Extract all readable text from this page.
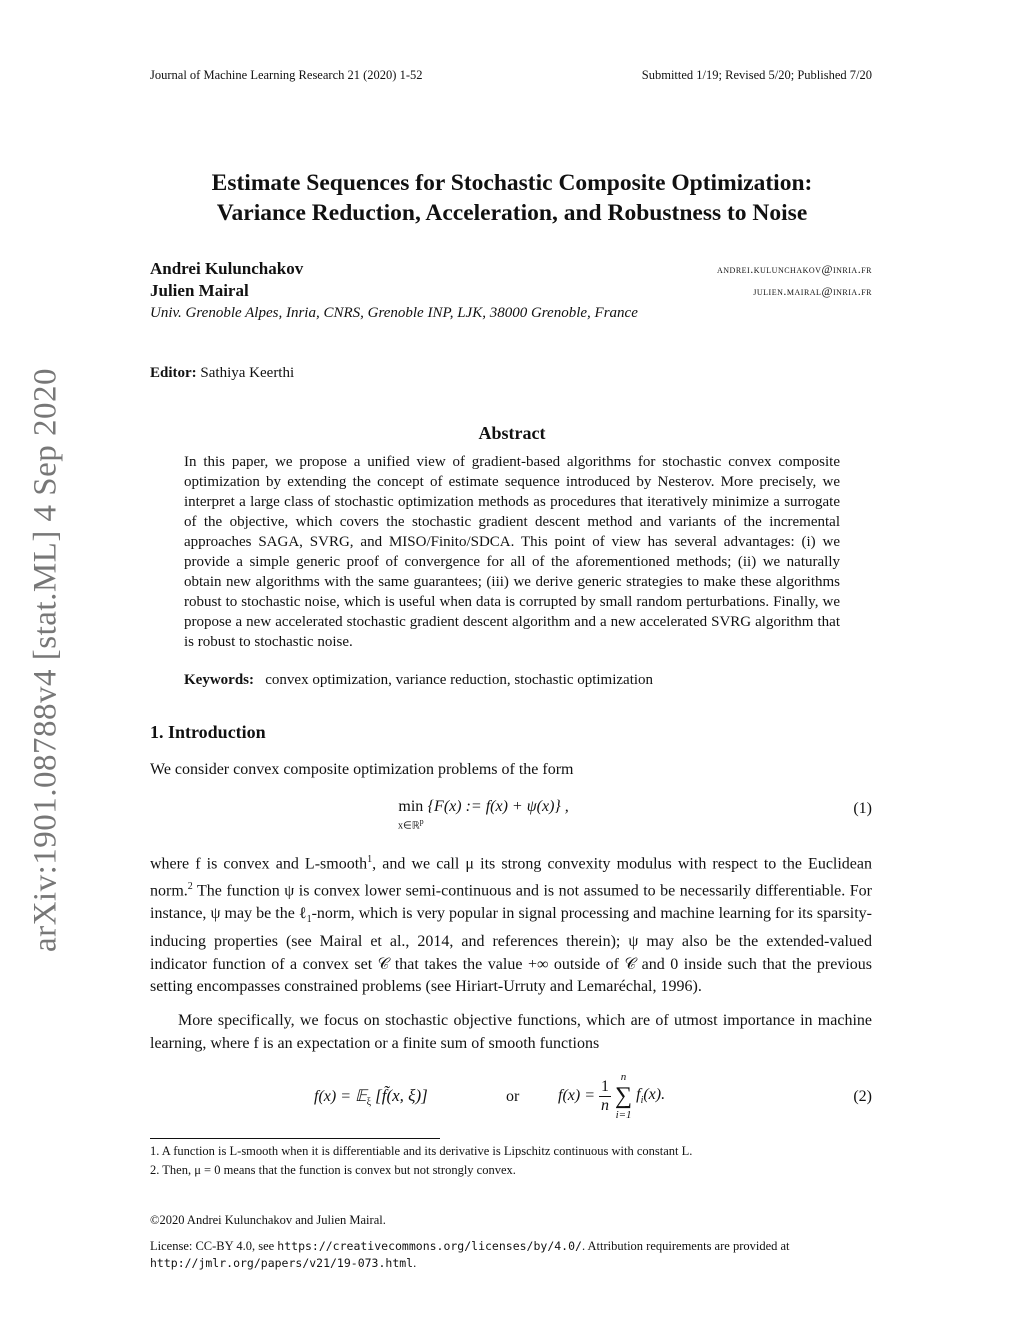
arXiv:1901.08788v4 [stat.ML] 4 Sep 2020
Journal of Machine Learning Research 21 (2020) 1-52	Submitted 1/19; Revised 5/20; Published 7/20
Estimate Sequences for Stochastic Composite Optimization:
Variance Reduction, Acceleration, and Robustness to Noise
Andrei Kulunchakov	andrei.kulunchakov@inria.fr
Julien Mairal	julien.mairal@inria.fr
Univ. Grenoble Alpes, Inria, CNRS, Grenoble INP, LJK, 38000 Grenoble, France
Editor: Sathiya Keerthi
Abstract
In this paper, we propose a unified view of gradient-based algorithms for stochastic convex composite optimization by extending the concept of estimate sequence introduced by Nesterov. More precisely, we interpret a large class of stochastic optimization methods as procedures that iteratively minimize a surrogate of the objective, which covers the stochastic gradient descent method and variants of the incremental approaches SAGA, SVRG, and MISO/Finito/SDCA. This point of view has several advantages: (i) we provide a simple generic proof of convergence for all of the aforementioned methods; (ii) we naturally obtain new algorithms with the same guarantees; (iii) we derive generic strategies to make these algorithms robust to stochastic noise, which is useful when data is corrupted by small random perturbations. Finally, we propose a new accelerated stochastic gradient descent algorithm and a new accelerated SVRG algorithm that is robust to stochastic noise.
Keywords: convex optimization, variance reduction, stochastic optimization
1. Introduction
We consider convex composite optimization problems of the form
min
x∈ℝ$^p$
{F(x) := f(x) + ψ(x)} ,	(1)
where f is convex and L-smooth$^1$, and we call μ its strong convexity modulus with respect to the Euclidean norm.$^2$ The function ψ is convex lower semi-continuous and is not assumed to be necessarily differentiable. For instance, ψ may be the ℓ$_1$-norm, which is very popular in signal processing and machine learning for its sparsity-inducing properties (see Mairal et al., 2014, and references therein); ψ may also be the extended-valued indicator function of a convex set 𝒞 that takes the value +∞ outside of 𝒞 and 0 inside such that the previous setting encompasses constrained problems (see Hiriart-Urruty and Lemaréchal, 1996).
More specifically, we focus on stochastic objective functions, which are of utmost importance in machine learning, where f is an expectation or a finite sum of smooth functions
f(x) = 𝔼$_\xi$ [f̃(x, ξ)]	or $f(x) = \frac{1}{n}$

n
∑
i=1
$f_i(x)$.	(2)
1. A function is L-smooth when it is differentiable and its derivative is Lipschitz continuous with constant L.
2. Then, μ = 0 means that the function is convex but not strongly convex.
©2020 Andrei Kulunchakov and Julien Mairal.
License: CC-BY 4.0, see https://creativecommons.org/licenses/by/4.0/. Attribution requirements are provided at http://jmlr.org/papers/v21/19-073.html.
